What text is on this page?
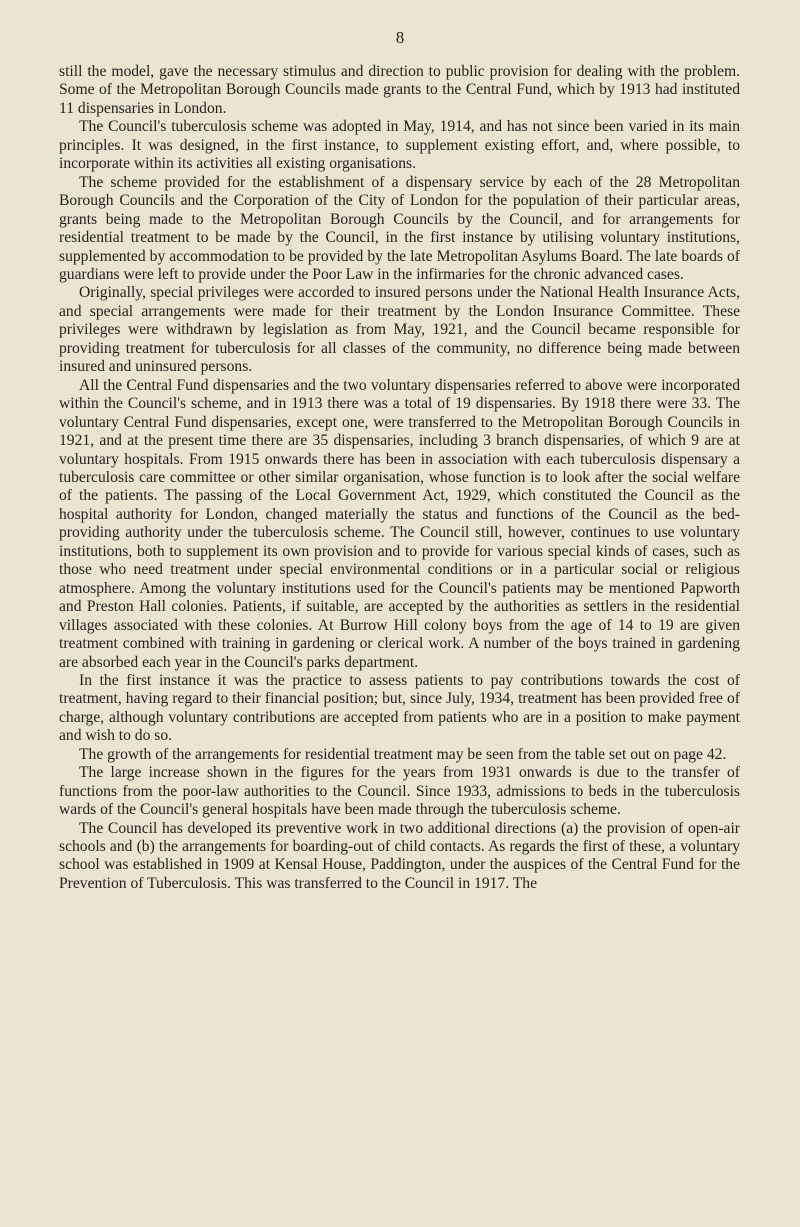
8

still the model, gave the necessary stimulus and direction to public provision for dealing with the problem. Some of the Metropolitan Borough Councils made grants to the Central Fund, which by 1913 had instituted 11 dispensaries in London.

The Council's tuberculosis scheme was adopted in May, 1914, and has not since been varied in its main principles. It was designed, in the first instance, to supplement existing effort, and, where possible, to incorporate within its activities all existing organisations.

The scheme provided for the establishment of a dispensary service by each of the 28 Metropolitan Borough Councils and the Corporation of the City of London for the population of their particular areas, grants being made to the Metropolitan Borough Councils by the Council, and for arrangements for residential treatment to be made by the Council, in the first instance by utilising voluntary institutions, supplemented by accommodation to be provided by the late Metropolitan Asylums Board. The late boards of guardians were left to provide under the Poor Law in the infirmaries for the chronic advanced cases.

Originally, special privileges were accorded to insured persons under the National Health Insurance Acts, and special arrangements were made for their treatment by the London Insurance Committee. These privileges were withdrawn by legislation as from May, 1921, and the Council became responsible for providing treatment for tuberculosis for all classes of the community, no difference being made between insured and uninsured persons.

All the Central Fund dispensaries and the two voluntary dispensaries referred to above were incorporated within the Council's scheme, and in 1913 there was a total of 19 dispensaries. By 1918 there were 33. The voluntary Central Fund dispensaries, except one, were transferred to the Metropolitan Borough Councils in 1921, and at the present time there are 35 dispensaries, including 3 branch dispensaries, of which 9 are at voluntary hospitals. From 1915 onwards there has been in association with each tuberculosis dispensary a tuberculosis care committee or other similar organisation, whose function is to look after the social welfare of the patients. The passing of the Local Government Act, 1929, which constituted the Council as the hospital authority for London, changed materially the status and functions of the Council as the bed-providing authority under the tuberculosis scheme. The Council still, however, continues to use voluntary institutions, both to supplement its own provision and to provide for various special kinds of cases, such as those who need treatment under special environmental conditions or in a particular social or religious atmosphere. Among the voluntary institutions used for the Council's patients may be mentioned Papworth and Preston Hall colonies. Patients, if suitable, are accepted by the authorities as settlers in the residential villages associated with these colonies. At Burrow Hill colony boys from the age of 14 to 19 are given treatment combined with training in gardening or clerical work. A number of the boys trained in gardening are absorbed each year in the Council's parks department.

In the first instance it was the practice to assess patients to pay contributions towards the cost of treatment, having regard to their financial position; but, since July, 1934, treatment has been provided free of charge, although voluntary contributions are accepted from patients who are in a position to make payment and wish to do so.

The growth of the arrangements for residential treatment may be seen from the table set out on page 42.

The large increase shown in the figures for the years from 1931 onwards is due to the transfer of functions from the poor-law authorities to the Council. Since 1933, admissions to beds in the tuberculosis wards of the Council's general hospitals have been made through the tuberculosis scheme.

The Council has developed its preventive work in two additional directions (a) the provision of open-air schools and (b) the arrangements for boarding-out of child contacts. As regards the first of these, a voluntary school was established in 1909 at Kensal House, Paddington, under the auspices of the Central Fund for the Prevention of Tuberculosis. This was transferred to the Council in 1917. The
